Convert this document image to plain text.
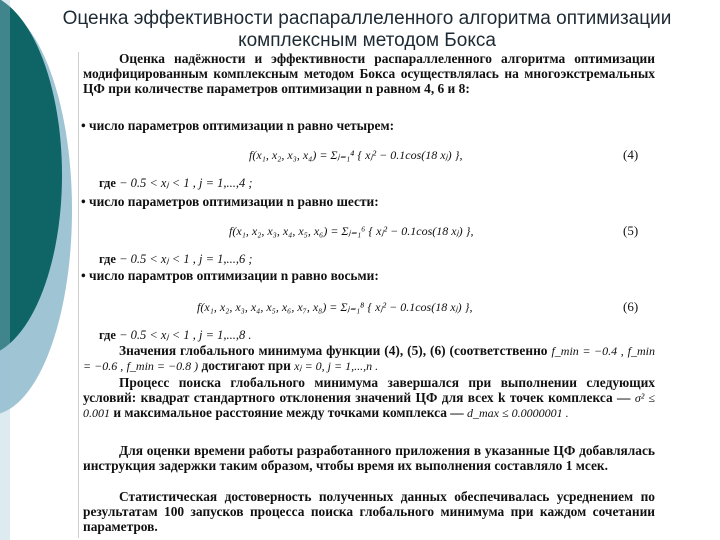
Оценка эффективности распараллеленного алгоритма оптимизации комплексным методом Бокса
Оценка надёжности и эффективности распараллеленного алгоритма оптимизации модифицированным комплексным методом Бокса осуществлялась на многоэкстремальных ЦФ при количестве параметров оптимизации n равном 4, 6 и 8:
• число параметров оптимизации n равно четырем:
f(x₁, x₂, x₃, x₄) = Σⱼ₌₁⁴ { xⱼ² − 0.1cos(18 xⱼ) },	(4)
где − 0.5 < xⱼ < 1 , j = 1,...,4 ;
• число параметров оптимизации n равно шести:
f(x₁, x₂, x₃, x₄, x₅, x₆) = Σⱼ₌₁⁶ { xⱼ² − 0.1cos(18 xⱼ) },	(5)
где − 0.5 < xⱼ < 1 , j = 1,...,6 ;
• число парамтров оптимизации n равно восьми:
f(x₁, x₂, x₃, x₄, x₅, x₆, x₇, x₈) = Σⱼ₌₁⁸ { xⱼ² − 0.1cos(18 xⱼ) },	(6)
где − 0.5 < xⱼ < 1 , j = 1,...,8 .
Значения глобального минимума функции (4), (5), (6) (соответственно f_min = −0.4 , f_min = −0.6 , f_min = −0.8 ) достигают при xⱼ = 0, j = 1,...,n .
Процесс поиска глобального минимума завершался при выполнении следующих условий: квадрат стандартного отклонения значений ЦФ для всех k точек комплекса — σ² ≤ 0.001 и максимальное расстояние между точками комплекса — d_max ≤ 0.0000001 .
Для оценки времени работы разработанного приложения в указанные ЦФ добавлялась инструкция задержки таким образом, чтобы время их выполнения составляло 1 мсек.
Статистическая достоверность полученных данных обеспечивалась усреднением по результатам 100 запусков процесса поиска глобального минимума при каждом сочетании параметров.
